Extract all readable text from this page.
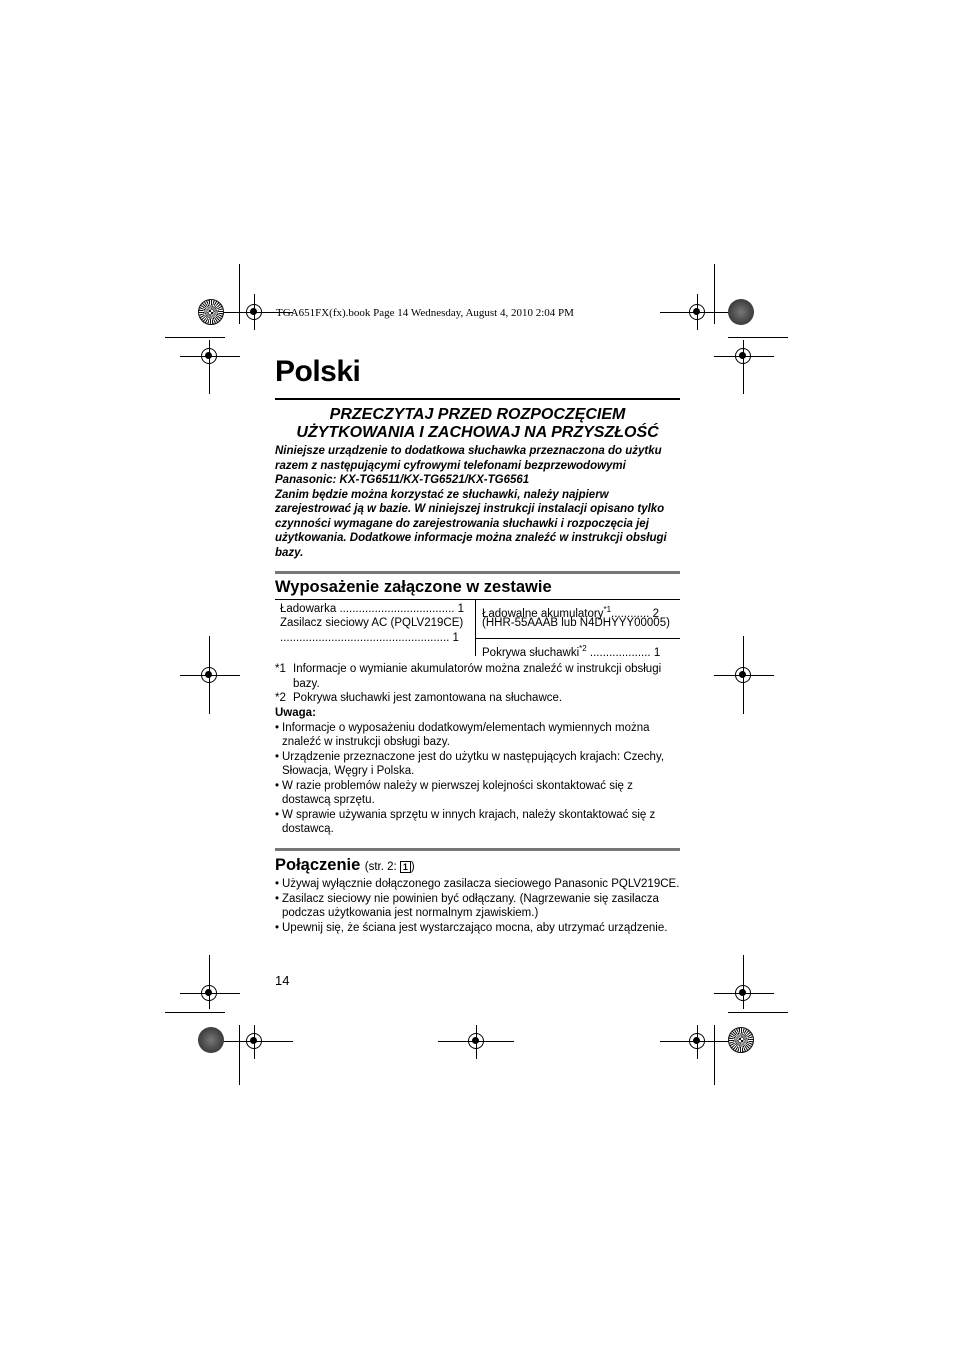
TGA651FX(fx).book Page 14 Wednesday, August 4, 2010 2:04 PM
Polski
PRZECZYTAJ PRZED ROZPOCZĘCIEM
UŻYTKOWANIA I ZACHOWAJ NA PRZYSZŁOŚĆ

Niniejsze urządzenie to dodatkowa słuchawka przeznaczona do użytku razem z następującymi cyfrowymi telefonami bezprzewodowymi Panasonic: KX-TG6511/KX-TG6521/KX-TG6561

Zanim będzie można korzystać ze słuchawki, należy najpierw zarejestrować ją w bazie. W niniejszej instrukcji instalacji opisano tylko czynności wymagane do zarejestrowania słuchawki i rozpoczęcia jej użytkowania. Dodatkowe informacje można znaleźć w instrukcji obsługi bazy.

Wyposażenie załączone w zestawie
Ładowarka .................................... 1
Zasilacz sieciowy AC (PQLV219CE)
..................................................... 1
Ładowalne akumulatory$^{*1}$............ 2
(HHR-55AAAB lub N4DHYYY00005)
Pokrywa słuchawki$^{*2}$ ................... 1
*1 Informacje o wymianie akumulatorów można znaleźć w instrukcji obsługi bazy.
*2 Pokrywa słuchawki jest zamontowana na słuchawce.
Uwaga:
• Informacje o wyposażeniu dodatkowym/elementach wymiennych można znaleźć w instrukcji obsługi bazy.
• Urządzenie przeznaczone jest do użytku w następujących krajach: Czechy, Słowacja, Węgry i Polska.
• W razie problemów należy w pierwszej kolejności skontaktować się z dostawcą sprzętu.
• W sprawie używania sprzętu w innych krajach, należy skontaktować się z dostawcą.
Połączenie (str. 2: 1 )
• Używaj wyłącznie dołączonego zasilacza sieciowego Panasonic PQLV219CE.
• Zasilacz sieciowy nie powinien być odłączany. (Nagrzewanie się zasilacza podczas użytkowania jest normalnym zjawiskiem.)
• Upewnij się, że ściana jest wystarczająco mocna, aby utrzymać urządzenie.
14
